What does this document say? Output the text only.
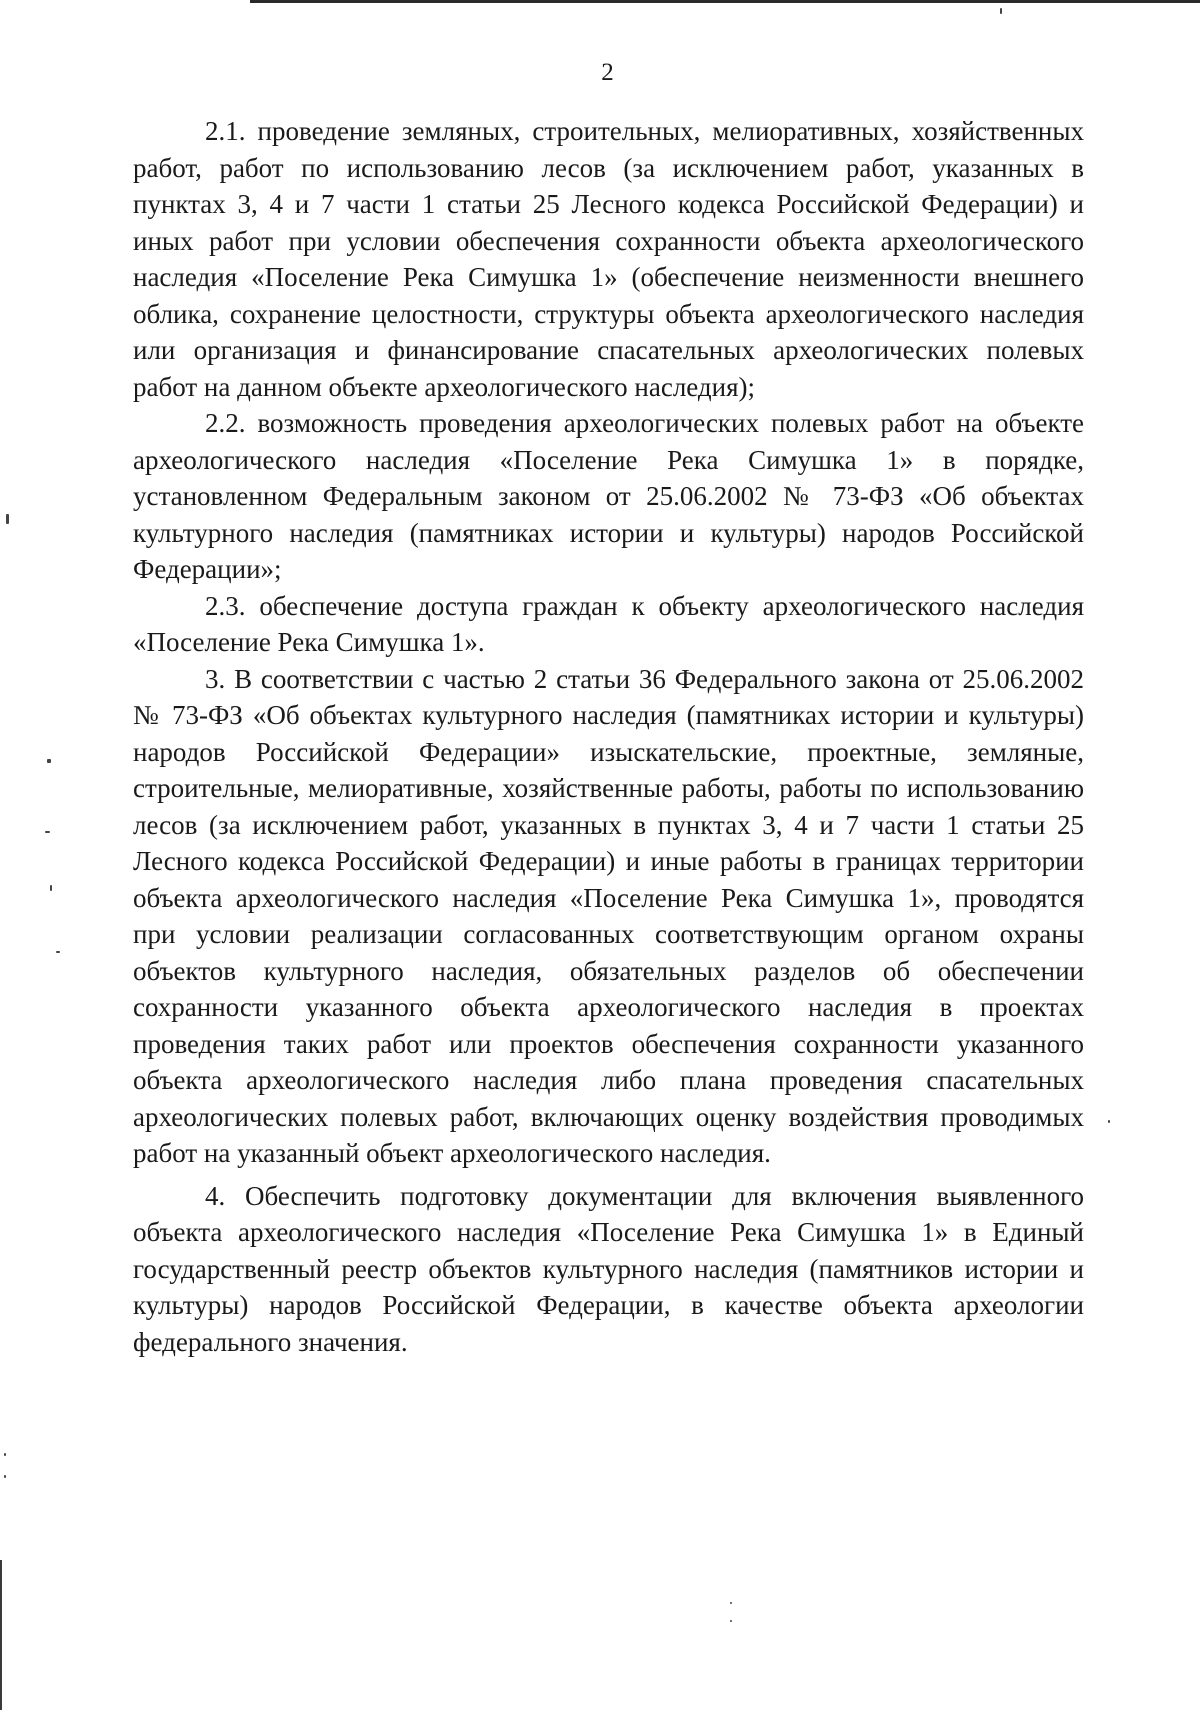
2

2.1. проведение земляных, строительных, мелиоративных, хозяйственных работ, работ по использованию лесов (за исключением работ, указанных в пунктах 3, 4 и 7 части 1 статьи 25 Лесного кодекса Российской Федерации) и иных работ при условии обеспечения сохранности объекта археологического наследия «Поселение Река Симушка 1» (обеспечение неизменности внешнего облика, сохранение целостности, структуры объекта археологического наследия или организация и финансирование спасательных археологических полевых работ на данном объекте археологического наследия);

2.2. возможность проведения археологических полевых работ на объекте археологического наследия «Поселение Река Симушка 1» в порядке, установленном Федеральным законом от 25.06.2002 № 73-ФЗ «Об объектах культурного наследия (памятниках истории и культуры) народов Российской Федерации»;

2.3. обеспечение доступа граждан к объекту археологического наследия «Поселение Река Симушка 1».

3. В соответствии с частью 2 статьи 36 Федерального закона от 25.06.2002 № 73-ФЗ «Об объектах культурного наследия (памятниках истории и культуры) народов Российской Федерации» изыскательские, проектные, земляные, строительные, мелиоративные, хозяйственные работы, работы по использованию лесов (за исключением работ, указанных в пунктах 3, 4 и 7 части 1 статьи 25 Лесного кодекса Российской Федерации) и иные работы в границах территории объекта археологического наследия «Поселение Река Симушка 1», проводятся при условии реализации согласованных соответствующим органом охраны объектов культурного наследия, обязательных разделов об обеспечении сохранности указанного объекта археологического наследия в проектах проведения таких работ или проектов обеспечения сохранности указанного объекта археологического наследия либо плана проведения спасательных археологических полевых работ, включающих оценку воздействия проводимых работ на указанный объект археологического наследия.

4. Обеспечить подготовку документации для включения выявленного объекта археологического наследия «Поселение Река Симушка 1» в Единый государственный реестр объектов культурного наследия (памятников истории и культуры) народов Российской Федерации, в качестве объекта археологии федерального значения.
